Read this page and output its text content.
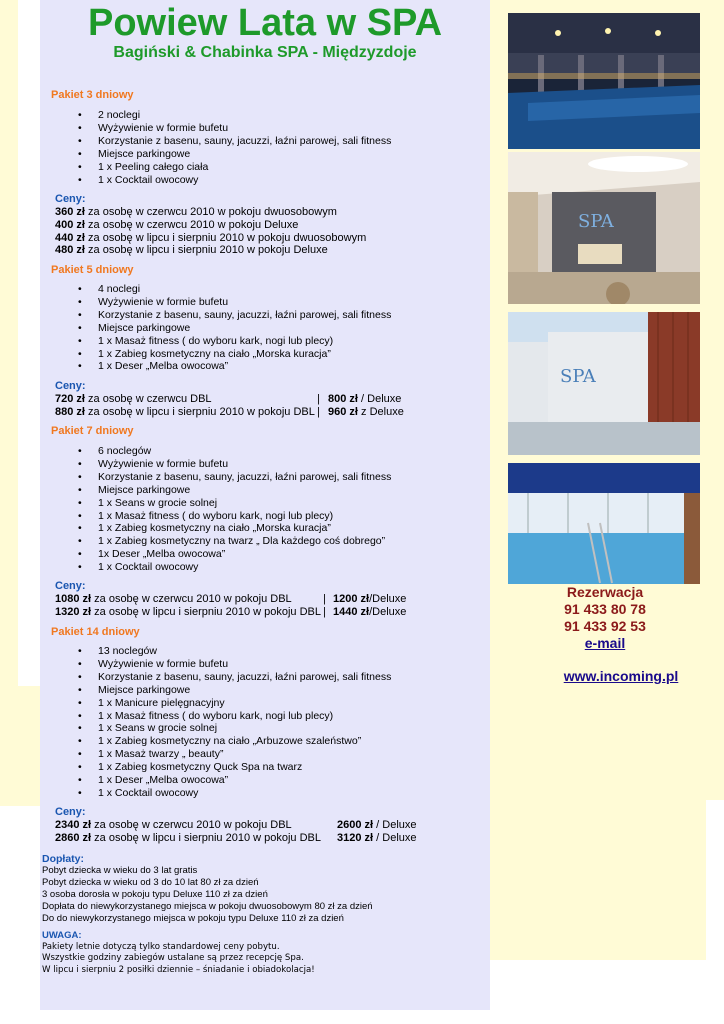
Powiew Lata w SPA
Bagiński & Chabinka SPA - Międzyzdoje
Pakiet 3 dniowy
• 2 noclegi
• Wyżywienie w formie bufetu
• Korzystanie z basenu, sauny, jacuzzi, łaźni parowej, sali fitness
• Miejsce parkingowe
• 1 x Peeling całego ciała
• 1 x Cocktail owocowy
Ceny:
360 zł za osobę w czerwcu 2010 w pokoju dwuosobowym
400 zł za osobę w czerwcu 2010 w pokoju Deluxe
440 zł za osobę w lipcu i sierpniu 2010 w pokoju dwuosobowym
480 zł za osobę w lipcu i sierpniu 2010 w pokoju Deluxe
Pakiet 5 dniowy
• 4 noclegi
• Wyżywienie w formie bufetu
• Korzystanie z basenu, sauny, jacuzzi, łaźni parowej, sali fitness
• Miejsce parkingowe
• 1 x Masaż fitness ( do wyboru kark, nogi lub plecy)
• 1 x Zabieg kosmetyczny na ciało „Morska kuracja”
• 1 x Deser „Melba owocowa”
Ceny:
720 zł za osobę w czerwcu DBL	| 800 zł / Deluxe
880 zł za osobę w lipcu i sierpniu 2010 w pokoju DBL | 960 zł z Deluxe
Pakiet 7 dniowy
• 6 noclegów
• Wyżywienie w formie bufetu
• Korzystanie z basenu, sauny, jacuzzi, łaźni parowej, sali fitness
• Miejsce parkingowe
• 1 x Seans w grocie solnej
• 1 x Masaż fitness ( do wyboru kark, nogi lub plecy)
• 1 x Zabieg kosmetyczny na ciało „Morska kuracja”
• 1 x Zabieg kosmetyczny na twarz „ Dla każdego coś dobrego”
• 1x Deser „Melba owocowa”
• 1 x Cocktail owocowy
Ceny:
1080 zł za osobę w czerwcu 2010 w pokoju DBL	| 1200 zł/Deluxe
1320 zł za osobę w lipcu i sierpniu 2010 w pokoju DBL | 1440 zł/Deluxe
Pakiet 14 dniowy
• 13 noclegów
• Wyżywienie w formie bufetu
• Korzystanie z basenu, sauny, jacuzzi, łaźni parowej, sali fitness
• Miejsce parkingowe
• 1 x Manicure pielęgnacyjny
• 1 x Masaż fitness ( do wyboru kark, nogi lub plecy)
• 1 x Seans w grocie solnej
• 1 x Zabieg kosmetyczny na ciało „Arbuzowe szaleństwo”
• 1 x Masaż twarzy „ beauty”
• 1 x Zabieg kosmetyczny Quck Spa na twarz
• 1 x Deser „Melba owocowa”
• 1 x Cocktail owocowy
Ceny:
2340 zł za osobę w czerwcu 2010 w pokoju DBL	2600 zł / Deluxe
2860 zł za osobę w lipcu i sierpniu 2010 w pokoju DBL 3120 zł / Deluxe
Dopłaty:
Pobyt dziecka w wieku do 3 lat gratis
Pobyt dziecka w wieku od 3 do 10 lat 80 zł za dzień
3 osoba dorosła w pokoju typu Deluxe 110 zł za dzień
Dopłata do niewykorzystanego miejsca w pokoju dwuosobowym 80 zł za dzień
Do do niewykorzystanego miejsca w pokoju typu Deluxe 110 zł za dzień
UWAGA:
Pakiety letnie dotyczą tylko standardowej ceny pobytu.
Wszystkie godziny zabiegów ustalane są przez recepcję Spa.
W lipcu i sierpniu 2 posiłki dziennie – śniadanie i obiadokolacja!
SPA
SPA
Rezerwacja
91 433 80 78
91 433 92 53
e-mail
www.incoming.pl
